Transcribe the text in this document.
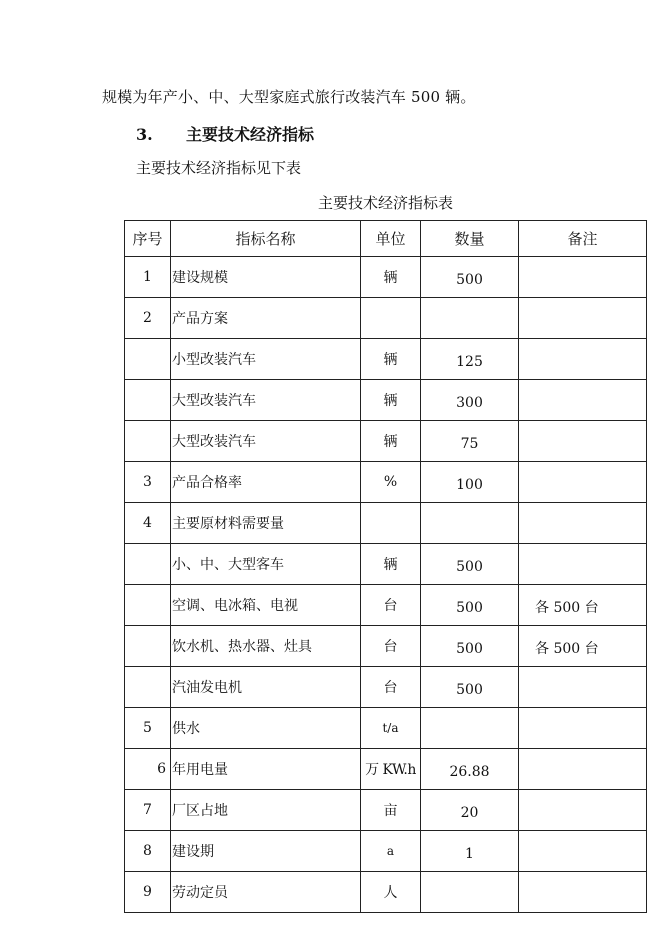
规模为年产小、中、大型家庭式旅行改装汽车 500 辆。
3. 主要技术经济指标
主要技术经济指标见下表
主要技术经济指标表
序号	指标名称	单位	数量	备注
1	建设规模	辆	500	
2	产品方案			
	小型改装汽车	辆	125	
	大型改装汽车	辆	300	
	大型改装汽车	辆	75	
3	产品合格率	%	100	
4	主要原材料需要量			
	小、中、大型客车	辆	500	
	空调、电冰箱、电视	台	500	各 500 台
	饮水机、热水器、灶具	台	500	各 500 台
	汽油发电机	台	500	
5	供水	t/a		
6	年用电量	万 KW.h	26.88	
7	厂区占地	亩	20	
8	建设期	a	1	
9	劳动定员	人		
